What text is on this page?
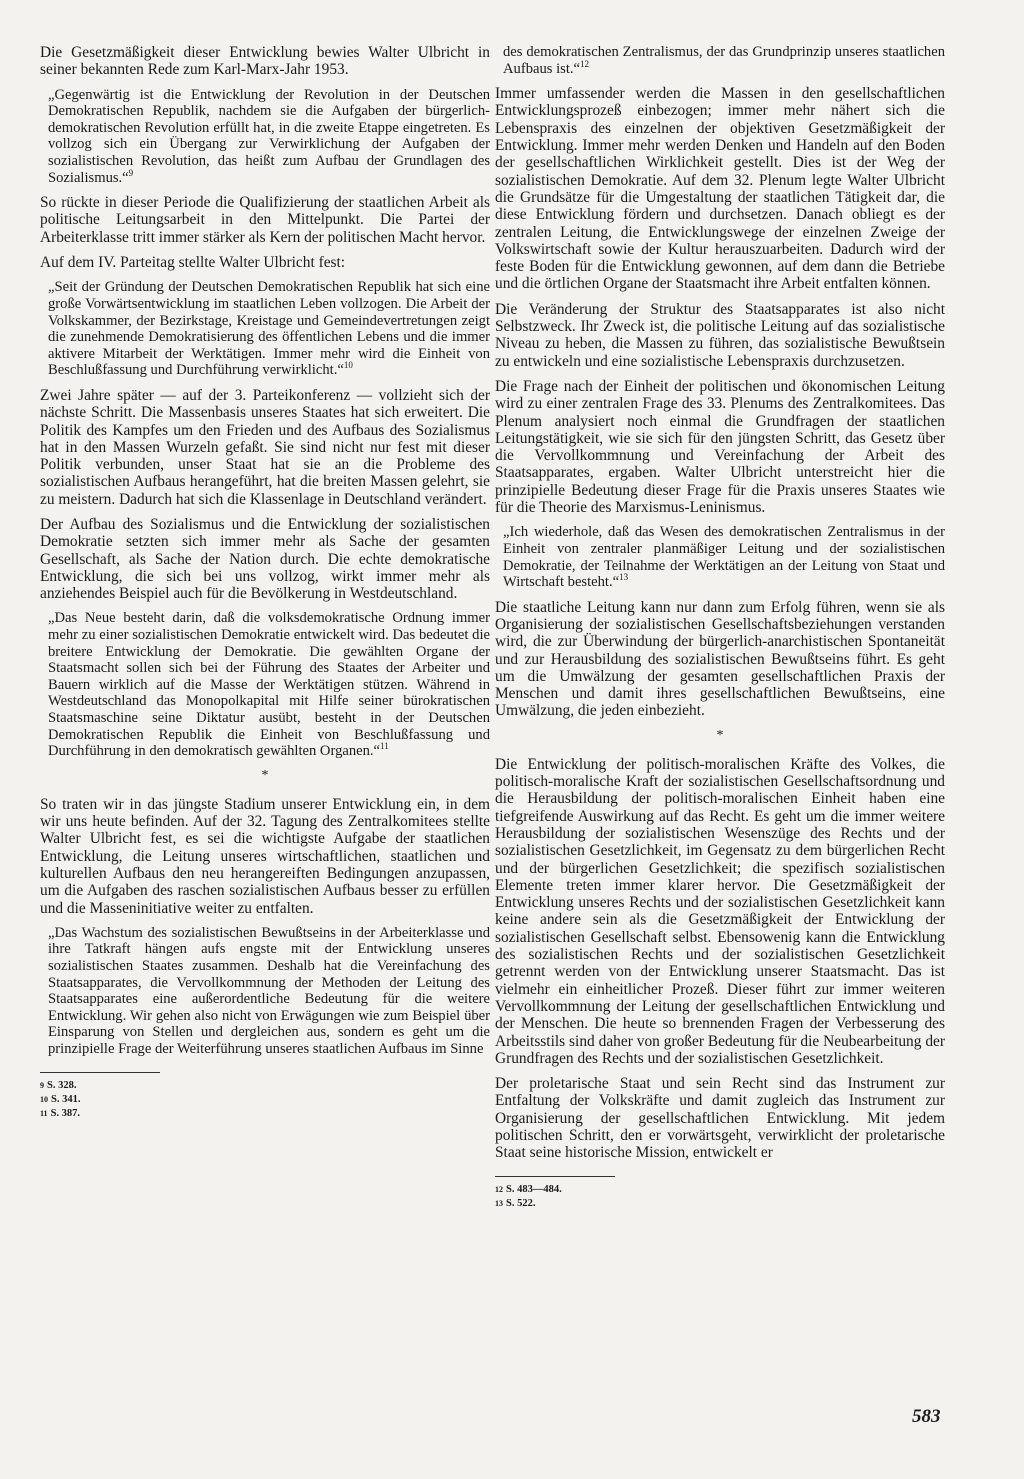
Die Gesetzmäßigkeit dieser Entwicklung bewies Walter Ulbricht in seiner bekannten Rede zum Karl-Marx-Jahr 1953.

„Gegenwärtig ist die Entwicklung der Revolution in der Deutschen Demokratischen Republik, nachdem sie die Aufgaben der bürgerlich-demokratischen Revolution erfüllt hat, in die zweite Etappe eingetreten. Es vollzog sich ein Übergang zur Verwirklichung der Aufgaben der sozialistischen Revolution, das heißt zum Aufbau der Grundlagen des Sozialismus.“$^9$

So rückte in dieser Periode die Qualifizierung der staatlichen Arbeit als politische Leitungsarbeit in den Mittelpunkt. Die Partei der Arbeiterklasse tritt immer stärker als Kern der politischen Macht hervor.

Auf dem IV. Parteitag stellte Walter Ulbricht fest:

„Seit der Gründung der Deutschen Demokratischen Republik hat sich eine große Vorwärtsentwicklung im staatlichen Leben vollzogen. Die Arbeit der Volkskammer, der Bezirkstage, Kreistage und Gemeindevertretungen zeigt die zunehmende Demokratisierung des öffentlichen Lebens und die immer aktivere Mitarbeit der Werktätigen. Immer mehr wird die Einheit von Beschlußfassung und Durchführung verwirklicht.“$^{10}$

Zwei Jahre später — auf der 3. Parteikonferenz — vollzieht sich der nächste Schritt. Die Massenbasis unseres Staates hat sich erweitert. Die Politik des Kampfes um den Frieden und des Aufbaus des Sozialismus hat in den Massen Wurzeln gefaßt. Sie sind nicht nur fest mit dieser Politik verbunden, unser Staat hat sie an die Probleme des sozialistischen Aufbaus herangeführt, hat die breiten Massen gelehrt, sie zu meistern. Dadurch hat sich die Klassenlage in Deutschland verändert.

Der Aufbau des Sozialismus und die Entwicklung der sozialistischen Demokratie setzten sich immer mehr als Sache der gesamten Gesellschaft, als Sache der Nation durch. Die echte demokratische Entwicklung, die sich bei uns vollzog, wirkt immer mehr als anziehendes Beispiel auch für die Bevölkerung in Westdeutschland.

„Das Neue besteht darin, daß die volksdemokratische Ordnung immer mehr zu einer sozialistischen Demokratie entwickelt wird. Das bedeutet die breitere Entwicklung der Demokratie. Die gewählten Organe der Staatsmacht sollen sich bei der Führung des Staates der Arbeiter und Bauern wirklich auf die Masse der Werktätigen stützen. Während in Westdeutschland das Monopolkapital mit Hilfe seiner bürokratischen Staatsmaschine seine Diktatur ausübt, besteht in der Deutschen Demokratischen Republik die Einheit von Beschlußfassung und Durchführung in den demokratisch gewählten Organen.“$^{11}$

*

So traten wir in das jüngste Stadium unserer Entwicklung ein, in dem wir uns heute befinden. Auf der 32. Tagung des Zentralkomitees stellte Walter Ulbricht fest, es sei die wichtigste Aufgabe der staatlichen Entwicklung, die Leitung unseres wirtschaftlichen, staatlichen und kulturellen Aufbaus den neu herangereiften Bedingungen anzupassen, um die Aufgaben des raschen sozialistischen Aufbaus besser zu erfüllen und die Masseninitiative weiter zu entfalten.

„Das Wachstum des sozialistischen Bewußtseins in der Arbeiterklasse und ihre Tatkraft hängen aufs engste mit der Entwicklung unseres sozialistischen Staates zusammen. Deshalb hat die Vereinfachung des Staatsapparates, die Vervollkommnung der Methoden der Leitung des Staatsapparates eine außerordentliche Bedeutung für die weitere Entwicklung. Wir gehen also nicht von Erwägungen wie zum Beispiel über Einsparung von Stellen und dergleichen aus, sondern es geht um die prinzipielle Frage der Weiterführung unseres staatlichen Aufbaus im Sinne

9 S. 328.

10 S. 341.

11 S. 387.

des demokratischen Zentralismus, der das Grundprinzip unseres staatlichen Aufbaus ist.“$^{12}$

Immer umfassender werden die Massen in den gesellschaftlichen Entwicklungsprozeß einbezogen; immer mehr nähert sich die Lebenspraxis des einzelnen der objektiven Gesetzmäßigkeit der Entwicklung. Immer mehr werden Denken und Handeln auf den Boden der gesellschaftlichen Wirklichkeit gestellt. Dies ist der Weg der sozialistischen Demokratie. Auf dem 32. Plenum legte Walter Ulbricht die Grundsätze für die Umgestaltung der staatlichen Tätigkeit dar, die diese Entwicklung fördern und durchsetzen. Danach obliegt es der zentralen Leitung, die Entwicklungswege der einzelnen Zweige der Volkswirtschaft sowie der Kultur herauszuarbeiten. Dadurch wird der feste Boden für die Entwicklung gewonnen, auf dem dann die Betriebe und die örtlichen Organe der Staatsmacht ihre Arbeit entfalten können.

Die Veränderung der Struktur des Staatsapparates ist also nicht Selbstzweck. Ihr Zweck ist, die politische Leitung auf das sozialistische Niveau zu heben, die Massen zu führen, das sozialistische Bewußtsein zu entwickeln und eine sozialistische Lebenspraxis durchzusetzen.

Die Frage nach der Einheit der politischen und ökonomischen Leitung wird zu einer zentralen Frage des 33. Plenums des Zentralkomitees. Das Plenum analysiert noch einmal die Grundfragen der staatlichen Leitungstätigkeit, wie sie sich für den jüngsten Schritt, das Gesetz über die Vervollkommnung und Vereinfachung der Arbeit des Staatsapparates, ergaben. Walter Ulbricht unterstreicht hier die prinzipielle Bedeutung dieser Frage für die Praxis unseres Staates wie für die Theorie des Marxismus-Leninismus.

„Ich wiederhole, daß das Wesen des demokratischen Zentralismus in der Einheit von zentraler planmäßiger Leitung und der sozialistischen Demokratie, der Teilnahme der Werktätigen an der Leitung von Staat und Wirtschaft besteht.“$^{13}$

Die staatliche Leitung kann nur dann zum Erfolg führen, wenn sie als Organisierung der sozialistischen Gesellschaftsbeziehungen verstanden wird, die zur Überwindung der bürgerlich-anarchistischen Spontaneität und zur Herausbildung des sozialistischen Bewußtseins führt. Es geht um die Umwälzung der gesamten gesellschaftlichen Praxis der Menschen und damit ihres gesellschaftlichen Bewußtseins, eine Umwälzung, die jeden einbezieht.

*

Die Entwicklung der politisch-moralischen Kräfte des Volkes, die politisch-moralische Kraft der sozialistischen Gesellschaftsordnung und die Herausbildung der politisch-moralischen Einheit haben eine tiefgreifende Auswirkung auf das Recht. Es geht um die immer weitere Herausbildung der sozialistischen Wesenszüge des Rechts und der sozialistischen Gesetzlichkeit, im Gegensatz zu dem bürgerlichen Recht und der bürgerlichen Gesetzlichkeit; die spezifisch sozialistischen Elemente treten immer klarer hervor. Die Gesetzmäßigkeit der Entwicklung unseres Rechts und der sozialistischen Gesetzlichkeit kann keine andere sein als die Gesetzmäßigkeit der Entwicklung der sozialistischen Gesellschaft selbst. Ebensowenig kann die Entwicklung des sozialistischen Rechts und der sozialistischen Gesetzlichkeit getrennt werden von der Entwicklung unserer Staatsmacht. Das ist vielmehr ein einheitlicher Prozeß. Dieser führt zur immer weiteren Vervollkommnung der Leitung der gesellschaftlichen Entwicklung und der Menschen. Die heute so brennenden Fragen der Verbesserung des Arbeitsstils sind daher von großer Bedeutung für die Neubearbeitung der Grundfragen des Rechts und der sozialistischen Gesetzlichkeit.

Der proletarische Staat und sein Recht sind das Instrument zur Entfaltung der Volkskräfte und damit zugleich das Instrument zur Organisierung der gesellschaftlichen Entwicklung. Mit jedem politischen Schritt, den er vorwärtsgeht, verwirklicht der proletarische Staat seine historische Mission, entwickelt er

12 S. 483—484.

13 S. 522.

583
